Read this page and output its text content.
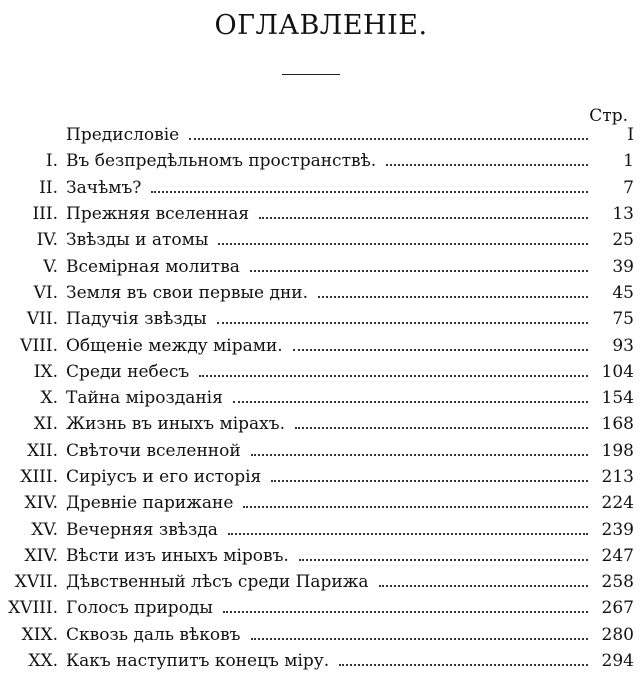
ОГЛАВЛЕНІЕ.
Стр.
Предисловіе	I
I. Въ безпредѣльномъ пространствѣ.	1
II. Зачѣмъ?	7
III. Прежняя вселенная	13
IV. Звѣзды и атомы	25
V. Всемірная молитва	39
VI. Земля въ свои первые дни.	45
VII. Падучія звѣзды	75
VIII. Общеніе между мірами.	93
IX. Среди небесъ	104
X. Тайна мірозданія	154
XI. Жизнь въ иныхъ мірахъ.	168
XII. Свѣточи вселенной	198
XIII. Сиріусъ и его исторія	213
XIV. Древніе парижане	224
XV. Вечерняя звѣзда	239
XIV. Вѣсти изъ иныхъ міровъ.	247
XVII. Дѣвственный лѣсъ среди Парижа	258
XVIII. Голосъ природы	267
XIX. Сквозь даль вѣковъ	280
XX. Какъ наступитъ конецъ міру.	294
